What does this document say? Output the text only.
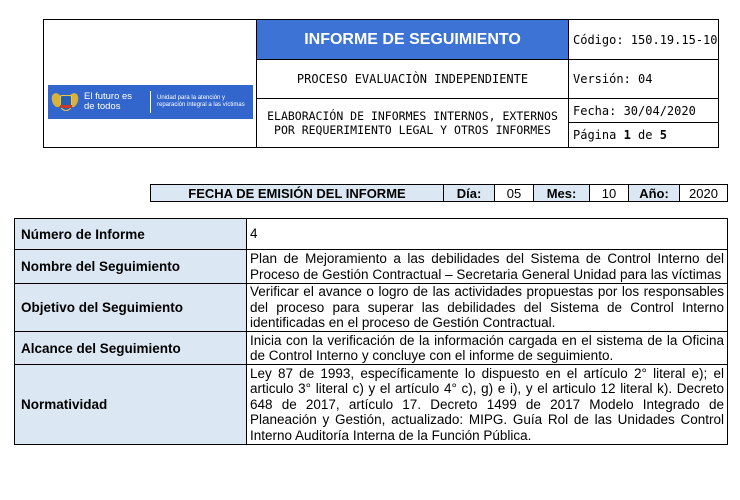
El futuro es de todos
Unidad para la atención y reparación integral a las víctimas	INFORME DE SEGUIMIENTO	Código: 150.19.15-10
	PROCESO EVALUACIÒN INDEPENDIENTE	Versión: 04
	ELABORACIÓN DE INFORMES INTERNOS, EXTERNOS POR REQUERIMIENTO LEGAL Y OTROS INFORMES	Fecha: 30/04/2020
		Página 1 de 5
FECHA DE EMISIÓN DEL INFORME	Día:	05	Mes:	10	Año:	2020
Número de Informe	4
Nombre del Seguimiento	Plan de Mejoramiento a las debilidades del Sistema de Control Interno del Proceso de Gestión Contractual – Secretaria General Unidad para las víctimas
Objetivo del Seguimiento	Verificar el avance o logro de las actividades propuestas por los responsables del proceso para superar las debilidades del Sistema de Control Interno identificadas en el proceso de Gestión Contractual.
Alcance del Seguimiento	Inicia con la verificación de la información cargada en el sistema de la Oficina de Control Interno y concluye con el informe de seguimiento.
Normatividad	Ley 87 de 1993, específicamente lo dispuesto en el artículo 2° literal e); el articulo 3° literal c) y el artículo 4° c), g) e i), y el articulo 12 literal k). Decreto 648 de 2017, artículo 17. Decreto 1499 de 2017 Modelo Integrado de Planeación y Gestión, actualizado: MIPG. Guía Rol de las Unidades Control Interno Auditoría Interna de la Función Pública.
